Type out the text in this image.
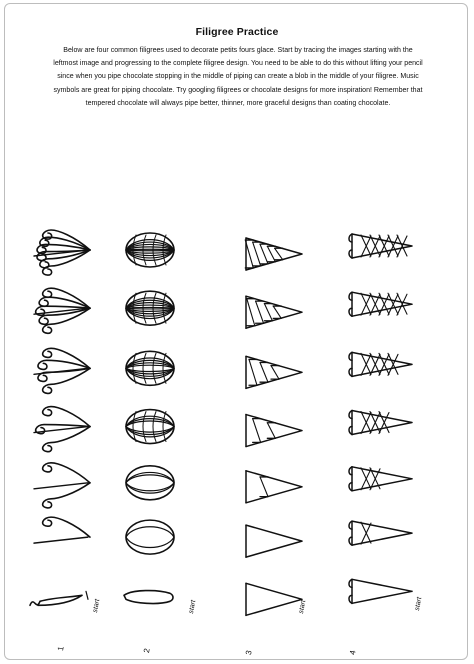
Filigree Practice
Below are four common filigrees used to decorate petits fours glace. Start by tracing the images starting with the
leftmost image and progressing to the complete filigree design. You need to be able to do this without lifting your pencil
since when you pipe chocolate stopping in the middle of piping can create a blob in the middle of your filigree. Music
symbols are great for piping chocolate. Try googling filigrees or chocolate designs for more inspiration! Remember that
tempered chocolate will always pipe better, thinner, more graceful designs than coating chocolate.
start	start	start	start
1	2	3	4
